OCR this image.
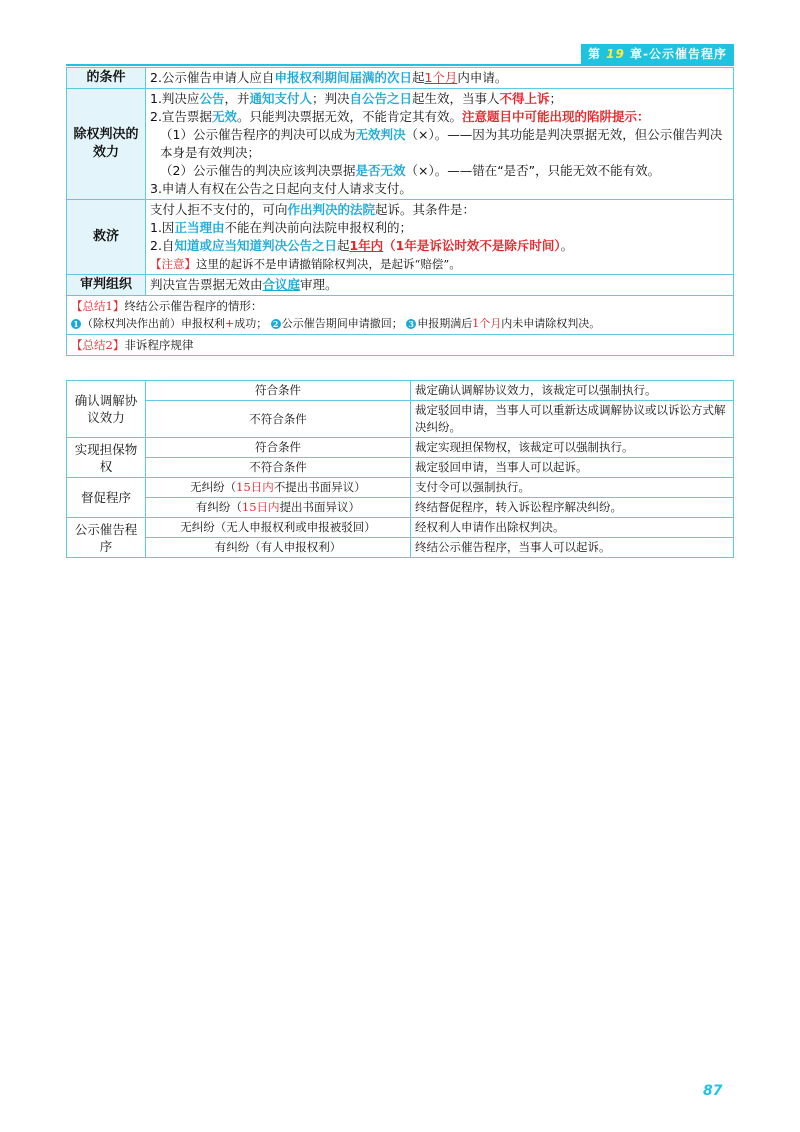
第 19 章-公示催告程序
的条件	2.公示催告申请人应自申报权利期间届满的次日起1个月内申请。
除权判决的效力	1.判决应公告，并通知支付人；判决自公告之日起生效，当事人不得上诉；
2.宣告票据无效。只能判决票据无效，不能肯定其有效。注意题目中可能出现的陷阱提示：
（1）公示催告程序的判决可以成为无效判决（×）。——因为其功能是判决票据无效，但公示催告判决本身是有效判决；
（2）公示催告的判决应该判决票据是否无效（×）。——错在“是否”，只能无效不能有效。
3.申请人有权在公告之日起向支付人请求支付。

救济	支付人拒不支付的，可向作出判决的法院起诉。其条件是：
1.因正当理由不能在判决前向法院申报权利的；
2.自知道或应当知道判决公告之日起1年内（1年是诉讼时效不是除斥时间）。
【注意】这里的起诉不是申请撤销除权判决，是起诉“赔偿”。

审判组织	判决宣告票据无效由合议庭审理。

【总结1】终结公示催告程序的情形：
1 （除权判决作出前）申报权利+成功； 2 公示催告期间申请撤回； 3 申报期满后1个月内未申请除权判决。	

【总结2】非诉程序规律	
确认调解协议效力	符合条件	裁定确认调解协议效力，该裁定可以强制执行。
	不符合条件	裁定驳回申请，当事人可以重新达成调解协议或以诉讼方式解决纠纷。
实现担保物权	符合条件	裁定实现担保物权，该裁定可以强制执行。
	不符合条件	裁定驳回申请，当事人可以起诉。
督促程序	无纠纷（15日内不提出书面异议）	支付令可以强制执行。
	有纠纷（15日内提出书面异议）	终结督促程序，转入诉讼程序解决纠纷。
公示催告程序	无纠纷（无人申报权利或申报被驳回）	经权利人申请作出除权判决。
	有纠纷（有人申报权利）	终结公示催告程序，当事人可以起诉。
87
